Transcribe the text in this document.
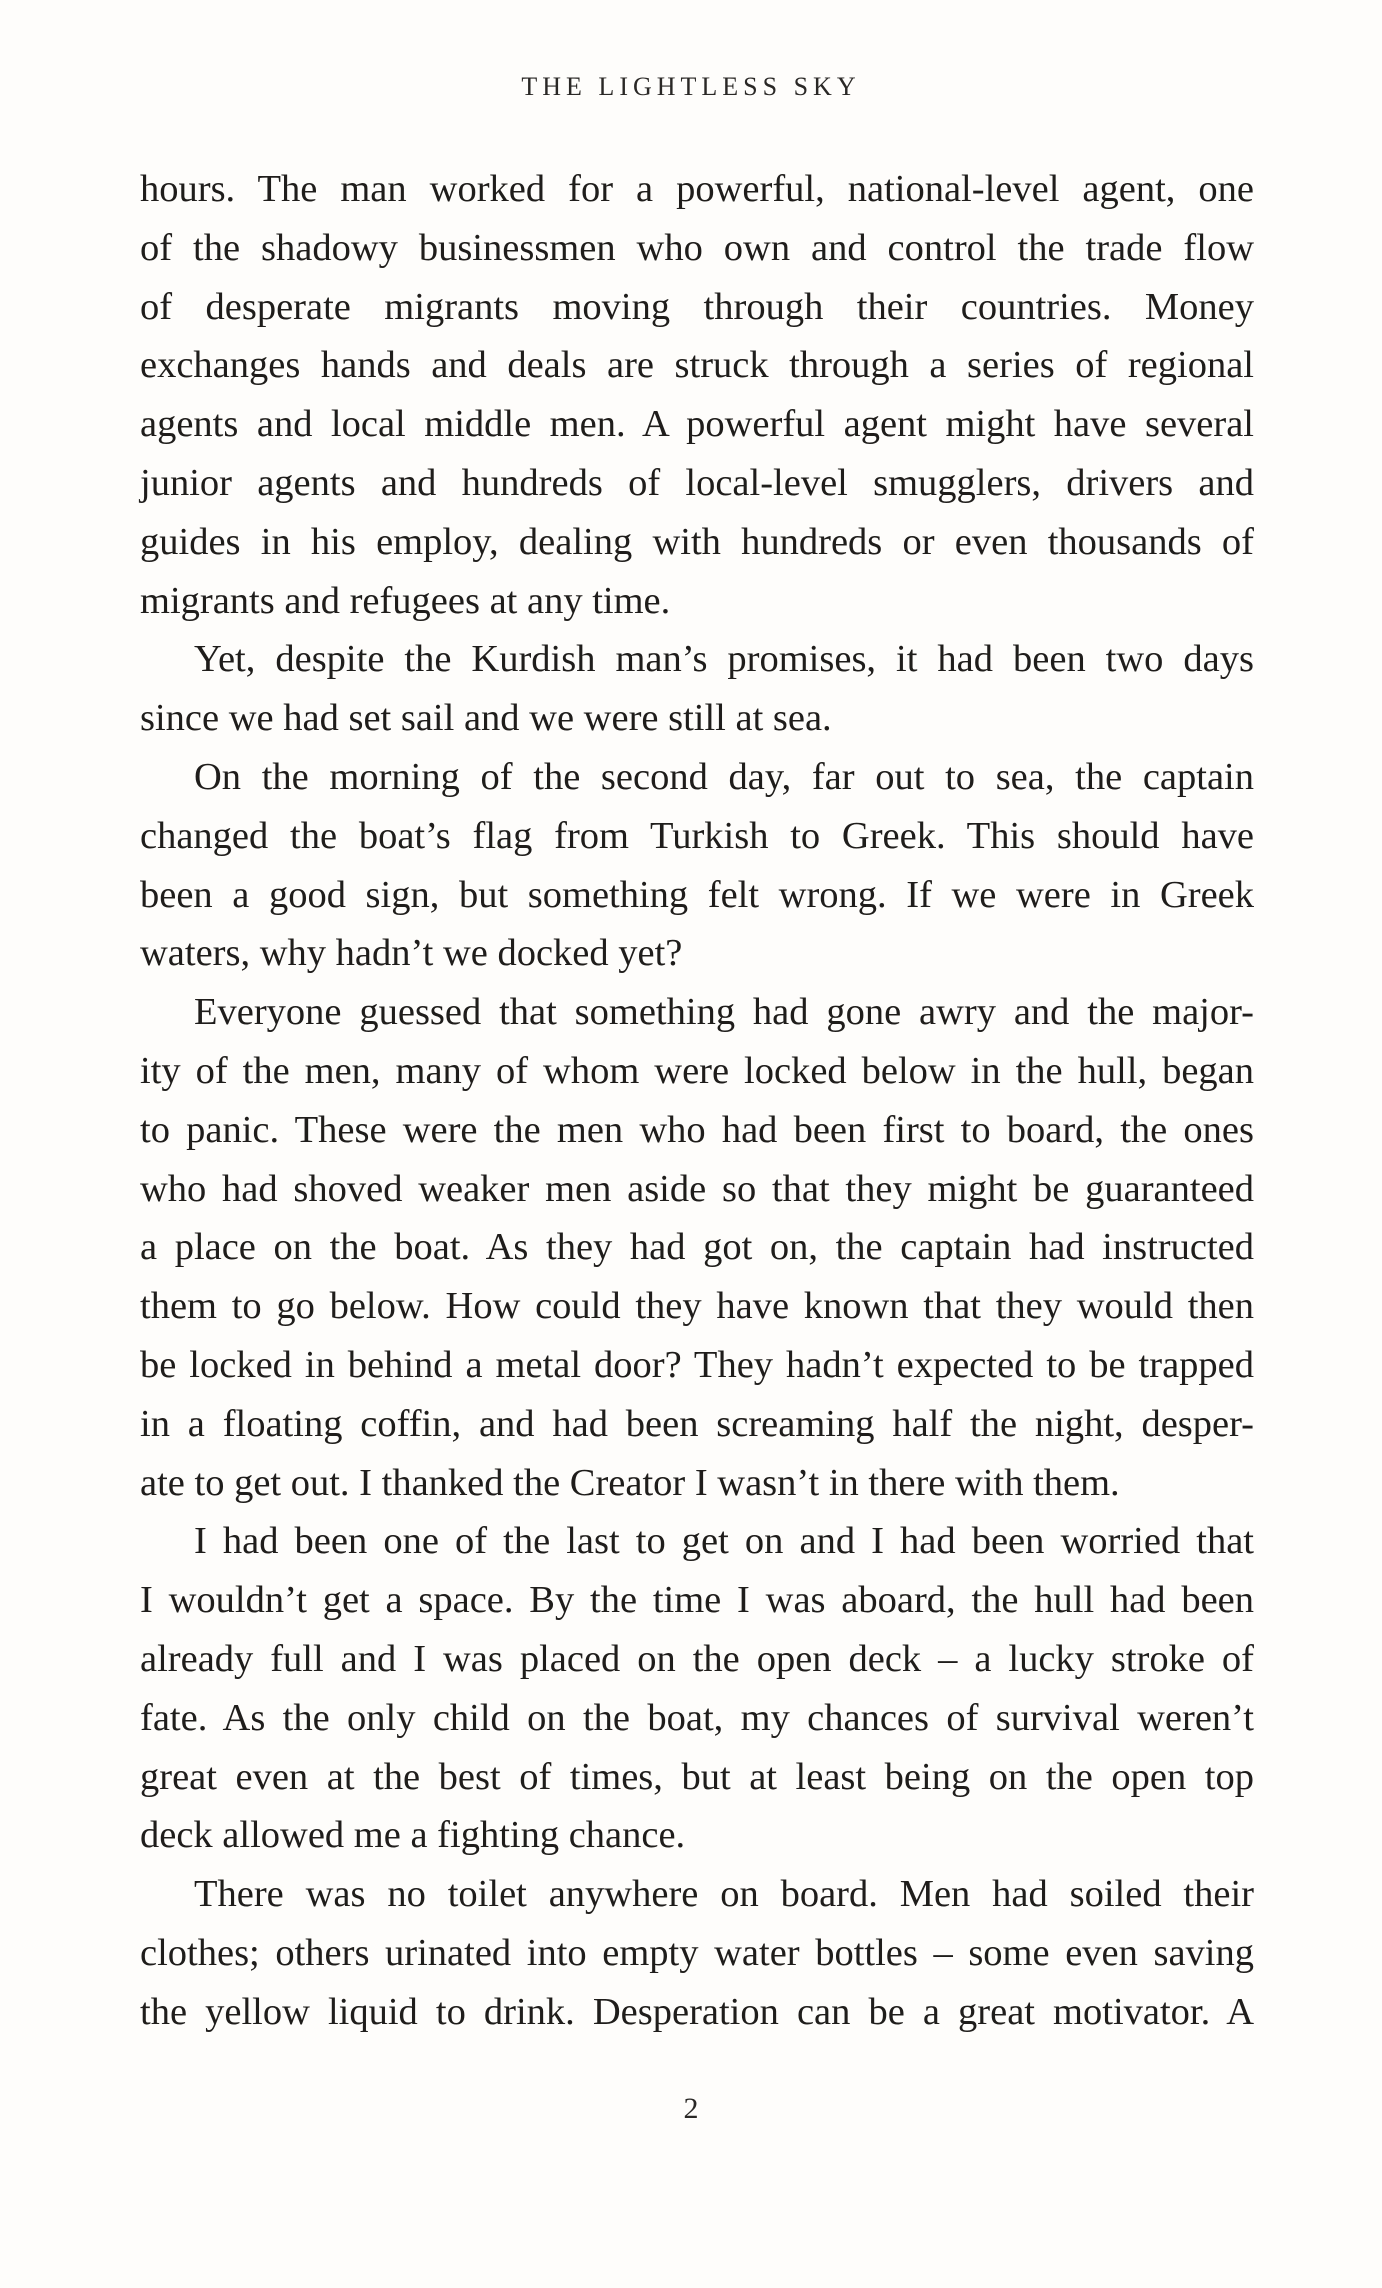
THE LIGHTLESS SKY

hours. The man worked for a powerful, national-level agent, one

of the shadowy businessmen who own and control the trade flow

of desperate migrants moving through their countries. Money

exchanges hands and deals are struck through a series of regional

agents and local middle men. A powerful agent might have several

junior agents and hundreds of local-level smugglers, drivers and

guides in his employ, dealing with hundreds or even thousands of

migrants and refugees at any time.

Yet, despite the Kurdish man’s promises, it had been two days

since we had set sail and we were still at sea.

On the morning of the second day, far out to sea, the captain

changed the boat’s flag from Turkish to Greek. This should have

been a good sign, but something felt wrong. If we were in Greek

waters, why hadn’t we docked yet?

Everyone guessed that something had gone awry and the major-

ity of the men, many of whom were locked below in the hull, began

to panic. These were the men who had been first to board, the ones

who had shoved weaker men aside so that they might be guaranteed

a place on the boat. As they had got on, the captain had instructed

them to go below. How could they have known that they would then

be locked in behind a metal door? They hadn’t expected to be trapped

in a floating coffin, and had been screaming half the night, desper-

ate to get out. I thanked the Creator I wasn’t in there with them.

I had been one of the last to get on and I had been worried that

I wouldn’t get a space. By the time I was aboard, the hull had been

already full and I was placed on the open deck – a lucky stroke of

fate. As the only child on the boat, my chances of survival weren’t

great even at the best of times, but at least being on the open top

deck allowed me a fighting chance.

There was no toilet anywhere on board. Men had soiled their

clothes; others urinated into empty water bottles – some even saving

the yellow liquid to drink. Desperation can be a great motivator. A

2
